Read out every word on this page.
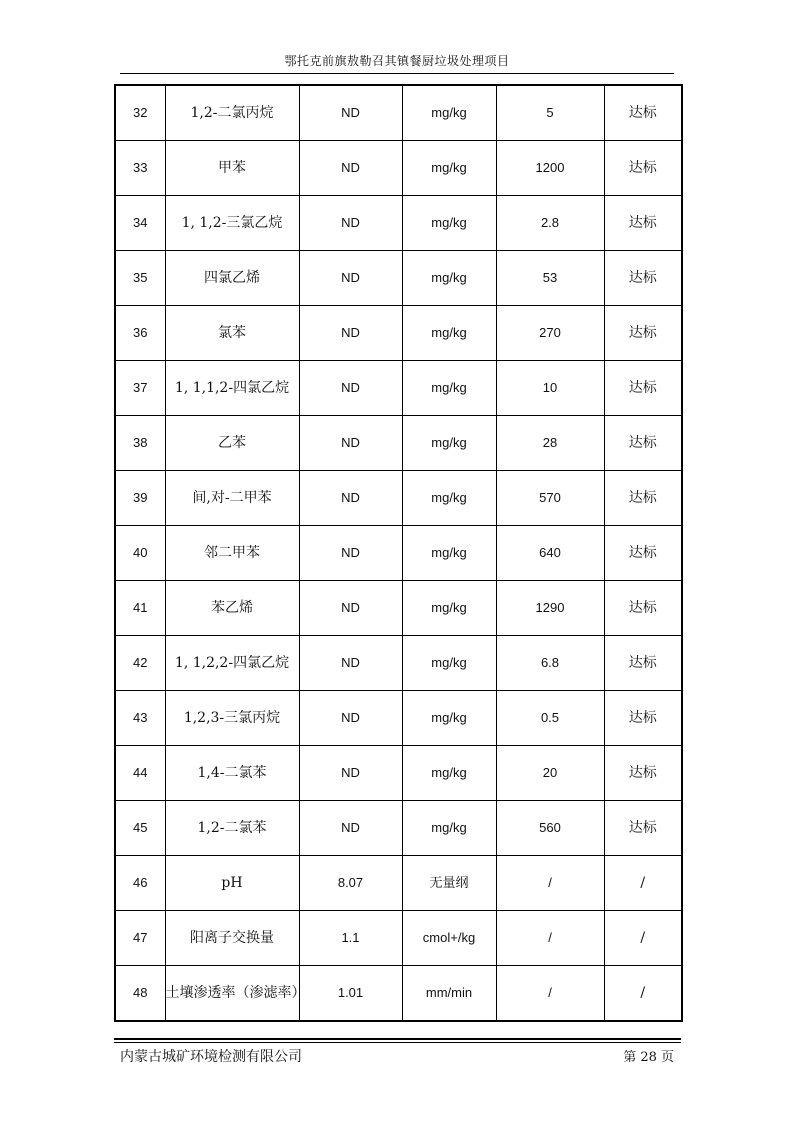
鄂托克前旗敖勒召其镇餐厨垃圾处理项目
32	1,2-二氯丙烷	ND	mg/kg	5	达标
33	甲苯	ND	mg/kg	1200	达标
34	1, 1,2-三氯乙烷	ND	mg/kg	2.8	达标
35	四氯乙烯	ND	mg/kg	53	达标
36	氯苯	ND	mg/kg	270	达标
37	1, 1,1,2-四氯乙烷	ND	mg/kg	10	达标
38	乙苯	ND	mg/kg	28	达标
39	间,对-二甲苯	ND	mg/kg	570	达标
40	邻二甲苯	ND	mg/kg	640	达标
41	苯乙烯	ND	mg/kg	1290	达标
42	1, 1,2,2-四氯乙烷	ND	mg/kg	6.8	达标
43	1,2,3-三氯丙烷	ND	mg/kg	0.5	达标
44	1,4-二氯苯	ND	mg/kg	20	达标
45	1,2-二氯苯	ND	mg/kg	560	达标
46	pH	8.07	无量纲	/	/
47	阳离子交换量	1.1	cmol+/kg	/	/
48	土壤渗透率（渗滤率）	1.01	mm/min	/	/
内蒙古城矿环境检测有限公司	第 28 页
